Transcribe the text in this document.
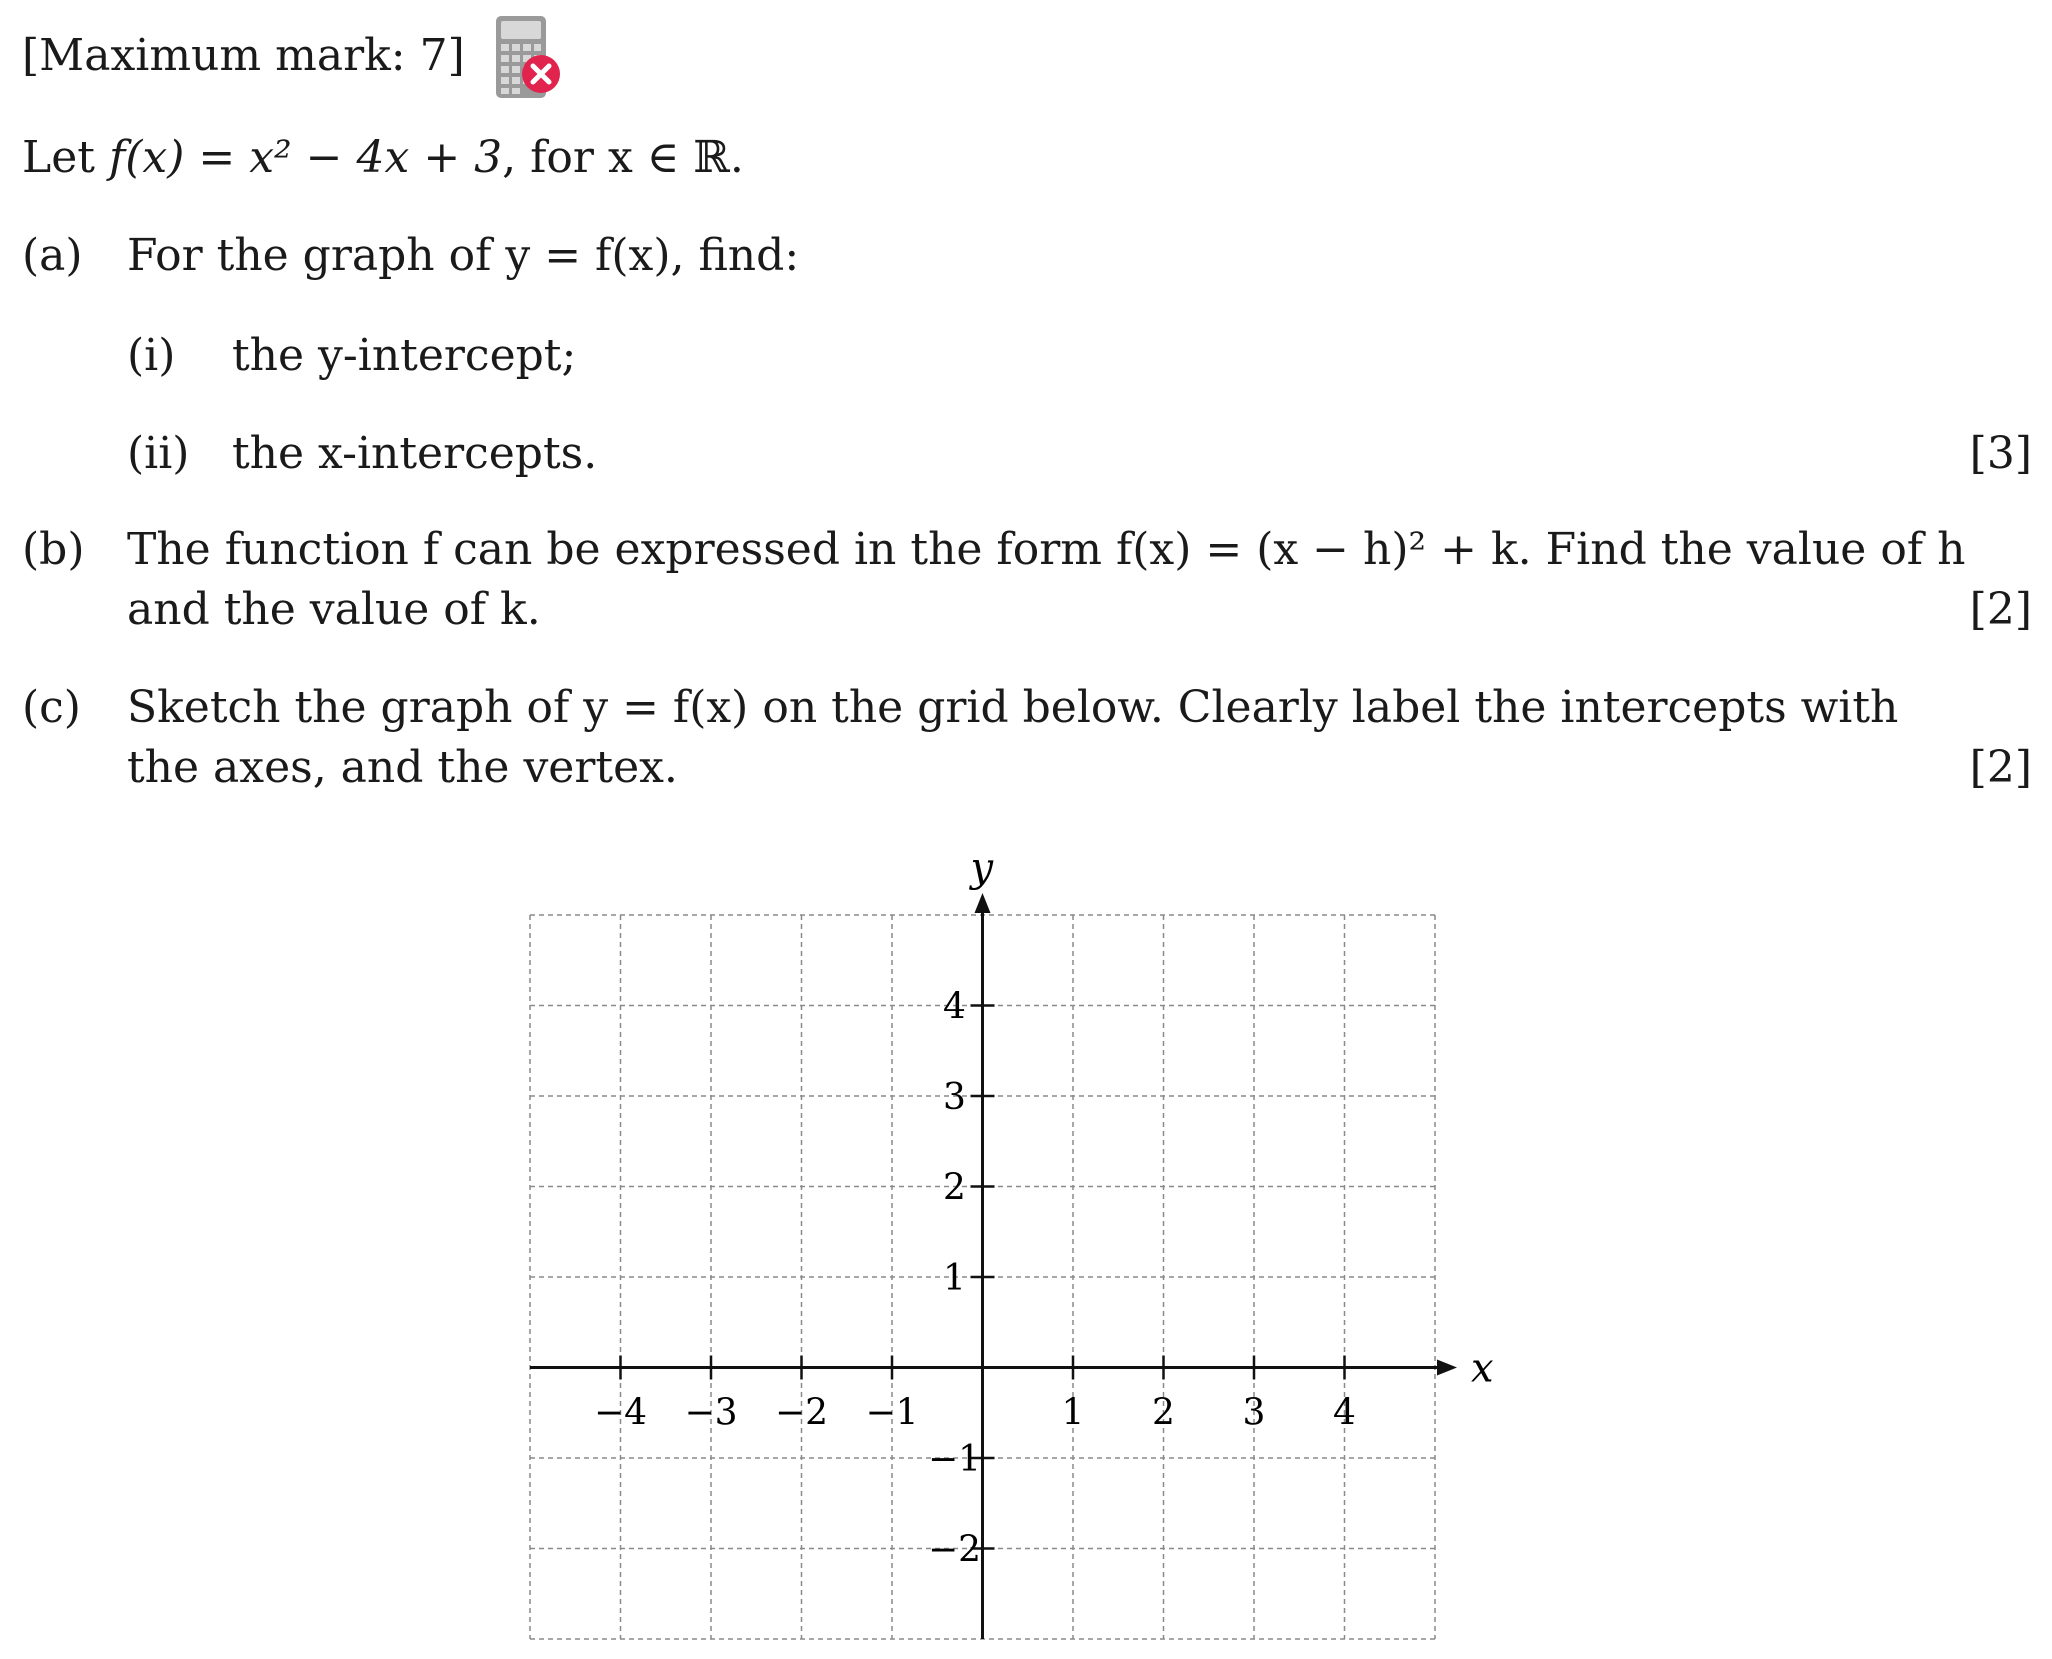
[Maximum mark: 7]
Let f(x) = x² − 4x + 3, for x ∈ ℝ.
(a) For the graph of y = f(x), find:
(i) the y-intercept;
(ii) the x-intercepts.	[3]
(b) The function f can be expressed in the form f(x) = (x − h)² + k. Find the value of h
and the value of k.	[2]
(c) Sketch the graph of y = f(x) on the grid below. Clearly label the intercepts with
the axes, and the vertex.	[2]
x
y
−4 −3 −2 −1	1 2 3 4
4
3
2
1
−1
−2
